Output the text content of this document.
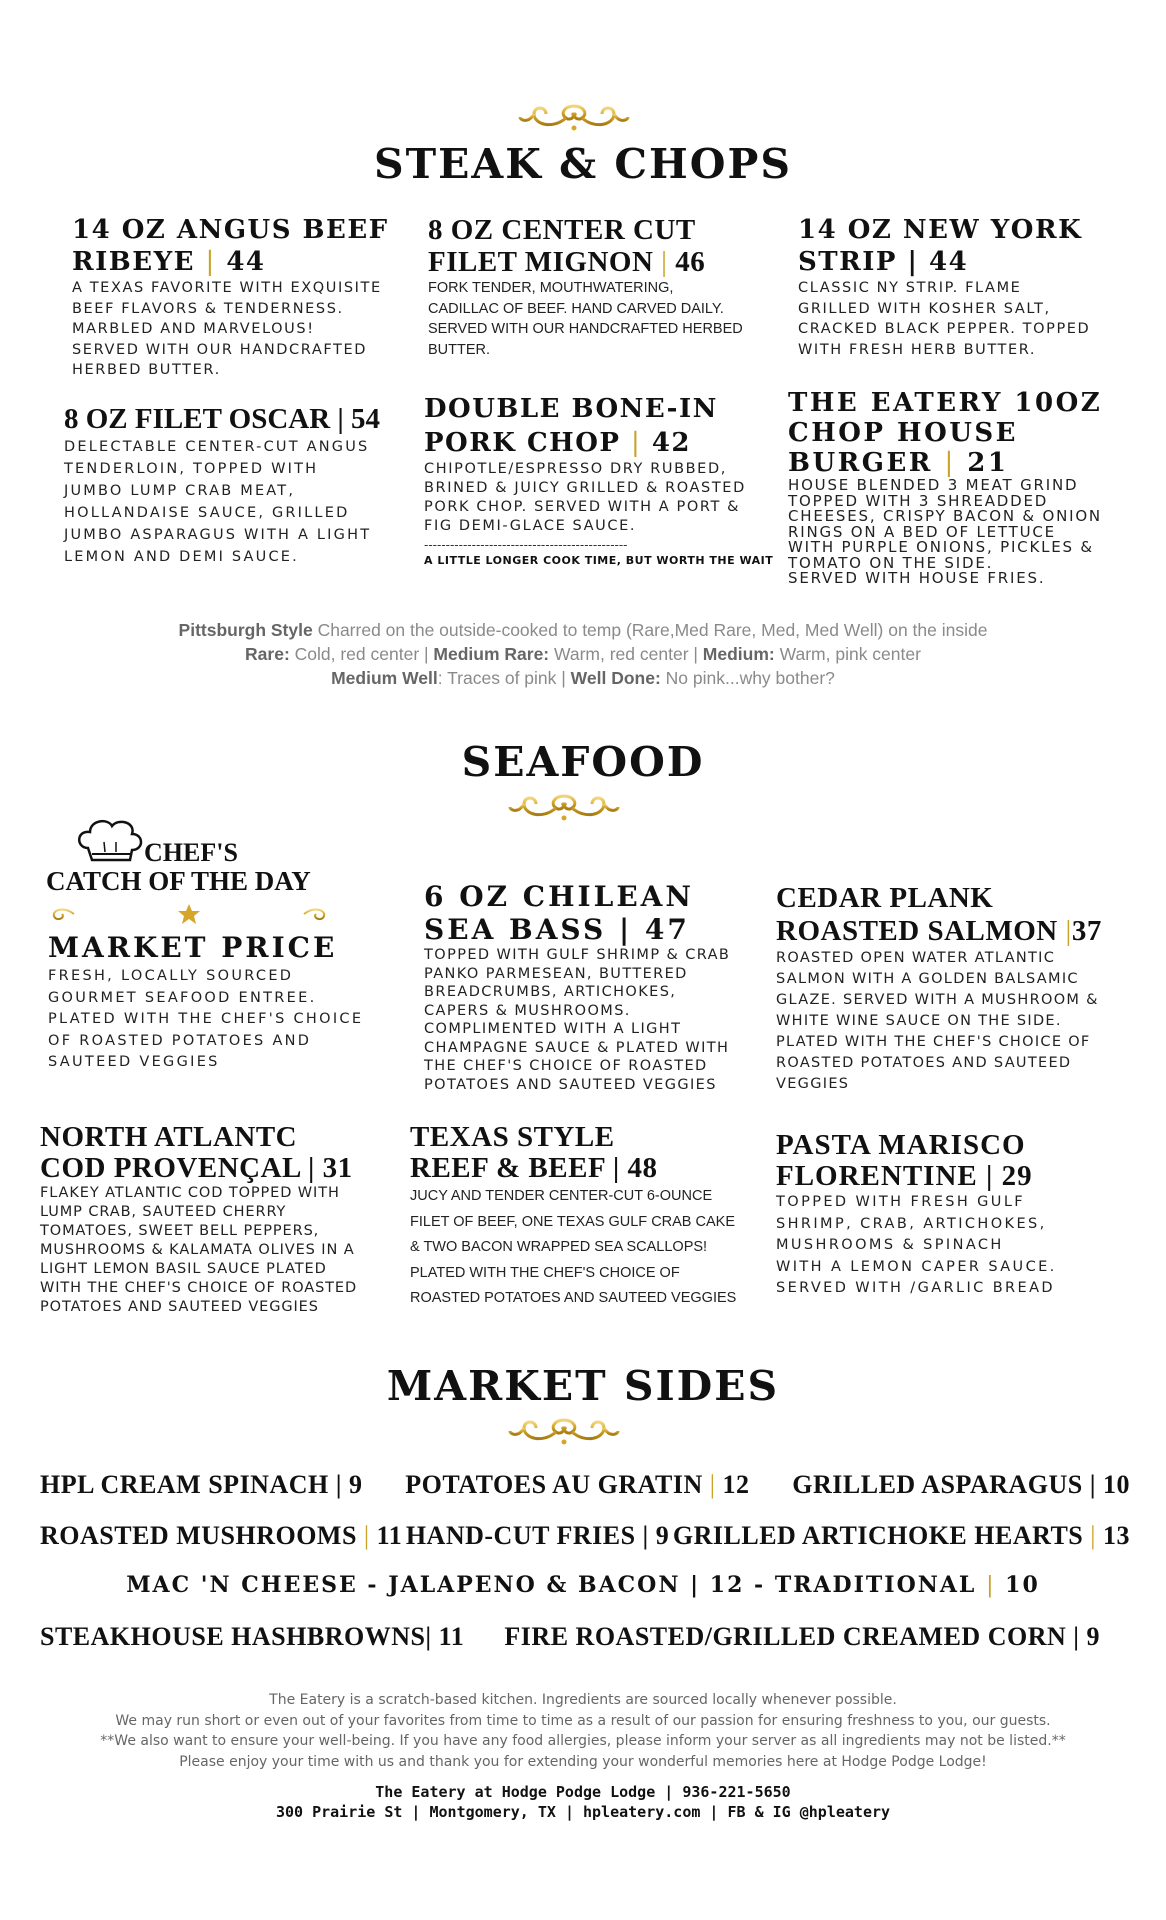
STEAK & CHOPS

14 OZ ANGUS BEEF
RIBEYE | 44

A TEXAS FAVORITE WITH EXQUISITE
BEEF FLAVORS & TENDERNESS.
MARBLED AND MARVELOUS!
SERVED WITH OUR HANDCRAFTED
HERBED BUTTER.

8 OZ CENTER CUT
FILET MIGNON | 46

FORK TENDER, MOUTHWATERING,
CADILLAC OF BEEF. HAND CARVED DAILY.
SERVED WITH OUR HANDCRAFTED HERBED
BUTTER.

14 OZ NEW YORK
STRIP | 44

CLASSIC NY STRIP. FLAME
GRILLED WITH KOSHER SALT,
CRACKED BLACK PEPPER. TOPPED
WITH FRESH HERB BUTTER.

8 OZ FILET OSCAR | 54

DELECTABLE CENTER-CUT ANGUS
TENDERLOIN, TOPPED WITH
JUMBO LUMP CRAB MEAT,
HOLLANDAISE SAUCE, GRILLED
JUMBO ASPARAGUS WITH A LIGHT
LEMON AND DEMI SAUCE.

DOUBLE BONE-IN
PORK CHOP | 42

CHIPOTLE/ESPRESSO DRY RUBBED,
BRINED & JUICY GRILLED & ROASTED
PORK CHOP. SERVED WITH A PORT &
FIG DEMI-GLACE SAUCE.
-----------------------------------------------
A LITTLE LONGER COOK TIME, BUT WORTH THE WAIT

THE EATERY 10OZ
CHOP HOUSE
BURGER | 21

HOUSE BLENDED 3 MEAT GRIND
TOPPED WITH 3 SHREADDED
CHEESES, CRISPY BACON & ONION
RINGS ON A BED OF LETTUCE
WITH PURPLE ONIONS, PICKLES &
TOMATO ON THE SIDE.
SERVED WITH HOUSE FRIES.
Pittsburgh Style Charred on the outside-cooked to temp (Rare,Med Rare, Med, Med Well) on the inside
Rare: Cold, red center | Medium Rare: Warm, red center | Medium: Warm, pink center
Medium Well: Traces of pink | Well Done: No pink...why bother?
SEAFOOD
CHEF'S
CATCH OF THE DAY

MARKET PRICE

FRESH, LOCALLY SOURCED
GOURMET SEAFOOD ENTREE.
PLATED WITH THE CHEF'S CHOICE
OF ROASTED POTATOES AND
SAUTEED VEGGIES

6 OZ CHILEAN
SEA BASS | 47

TOPPED WITH GULF SHRIMP & CRAB
PANKO PARMESEAN, BUTTERED
BREADCRUMBS, ARTICHOKES,
CAPERS & MUSHROOMS.
COMPLIMENTED WITH A LIGHT
CHAMPAGNE SAUCE & PLATED WITH
THE CHEF'S CHOICE OF ROASTED
POTATOES AND SAUTEED VEGGIES

CEDAR PLANK
ROASTED SALMON |37

ROASTED OPEN WATER ATLANTIC
SALMON WITH A GOLDEN BALSAMIC
GLAZE. SERVED WITH A MUSHROOM &
WHITE WINE SAUCE ON THE SIDE.
PLATED WITH THE CHEF'S CHOICE OF
ROASTED POTATOES AND SAUTEED
VEGGIES

NORTH ATLANTC
COD PROVENÇAL | 31

FLAKEY ATLANTIC COD TOPPED WITH
LUMP CRAB, SAUTEED CHERRY
TOMATOES, SWEET BELL PEPPERS,
MUSHROOMS & KALAMATA OLIVES IN A
LIGHT LEMON BASIL SAUCE PLATED
WITH THE CHEF'S CHOICE OF ROASTED
POTATOES AND SAUTEED VEGGIES

TEXAS STYLE
REEF & BEEF | 48

JUCY AND TENDER CENTER-CUT 6-OUNCE
FILET OF BEEF, ONE TEXAS GULF CRAB CAKE
& TWO BACON WRAPPED SEA SCALLOPS!
PLATED WITH THE CHEF'S CHOICE OF
ROASTED POTATOES AND SAUTEED VEGGIES

PASTA MARISCO
FLORENTINE | 29

TOPPED WITH FRESH GULF
SHRIMP, CRAB, ARTICHOKES,
MUSHROOMS & SPINACH
WITH A LEMON CAPER SAUCE.
SERVED WITH /GARLIC BREAD
MARKET SIDES
HPL CREAM SPINACH | 9 POTATOES AU GRATIN | 12 GRILLED ASPARAGUS | 10
ROASTED MUSHROOMS | 11 HAND-CUT FRIES | 9 GRILLED ARTICHOKE HEARTS | 13
MAC 'N CHEESE - JALAPENO & BACON | 12 - TRADITIONAL | 10
STEAKHOUSE HASHBROWNS| 11 FIRE ROASTED/GRILLED CREAMED CORN | 9
The Eatery is a scratch-based kitchen. Ingredients are sourced locally whenever possible.
We may run short or even out of your favorites from time to time as a result of our passion for ensuring freshness to you, our guests.
**We also want to ensure your well-being. If you have any food allergies, please inform your server as all ingredients may not be listed.**
Please enjoy your time with us and thank you for extending your wonderful memories here at Hodge Podge Lodge!
The Eatery at Hodge Podge Lodge | 936-221-5650
300 Prairie St | Montgomery, TX | hpleatery.com | FB & IG @hpleatery
